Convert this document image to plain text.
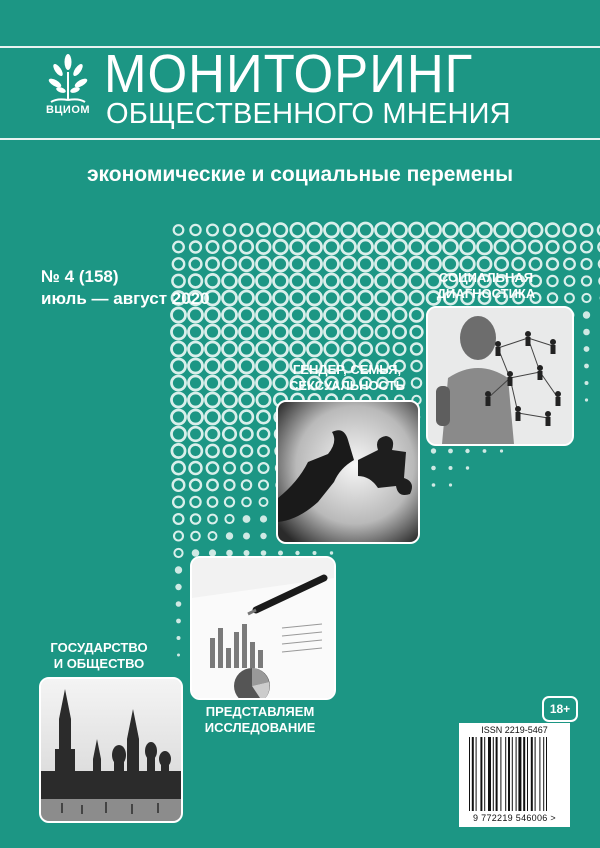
ВЦИОМ
МОНИТОРИНГ
ОБЩЕСТВЕННОГО МНЕНИЯ
экономические и социальные перемены
№ 4 (158)
июль — август 2020
СОЦИАЛЬНАЯ
ДИАГНОСТИКА
ГЕНДЕР, СЕМЬЯ,
СЕКСУАЛЬНОСТЬ
ПРЕДСТАВЛЯЕМ
ИССЛЕДОВАНИЕ
ГОСУДАРСТВО
И ОБЩЕСТВО
18+
ISSN 2219-5467
9 772219 546006 >
